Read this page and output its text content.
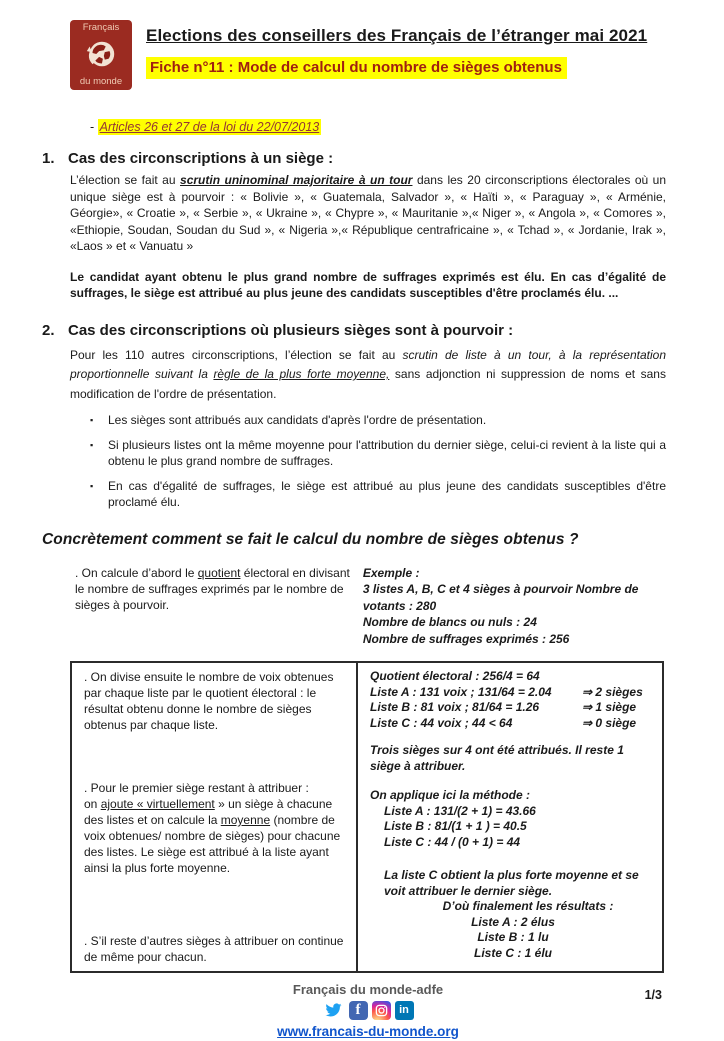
Français
du monde
Elections des conseillers des Français de l’étranger mai 2021
Fiche n°11 : Mode de calcul du nombre de sièges obtenus
- Articles 26 et 27 de la loi du 22/07/2013
1. Cas des circonscriptions à un siège :
L’élection se fait au scrutin uninominal majoritaire à un tour dans les 20 circonscriptions électorales où un unique siège est à pourvoir : « Bolivie », « Guatemala, Salvador », « Haïti », « Paraguay », « Arménie, Géorgie», « Croatie », « Serbie », « Ukraine », « Chypre », « Mauritanie »,« Niger », « Angola », « Comores », «Ethiopie, Soudan, Soudan du Sud », « Nigeria »,« République centrafricaine », « Tchad », « Jordanie, Irak », «Laos » et « Vanuatu »
Le candidat ayant obtenu le plus grand nombre de suffrages exprimés est élu. En cas d’égalité de suffrages, le siège est attribué au plus jeune des candidats susceptibles d'être proclamés élu. ...
2. Cas des circonscriptions où plusieurs sièges sont à pourvoir :
Pour les 110 autres circonscriptions, l’élection se fait au scrutin de liste à un tour, à la représentation proportionnelle suivant la règle de la plus forte moyenne, sans adjonction ni suppression de noms et sans modification de l'ordre de présentation.
▪	Les sièges sont attribués aux candidats d'après l'ordre de présentation.
▪	Si plusieurs listes ont la même moyenne pour l'attribution du dernier siège, celui-ci revient à la liste qui a obtenu le plus grand nombre de suffrages.
▪	En cas d'égalité de suffrages, le siège est attribué au plus jeune des candidats susceptibles d'être proclamé élu.
Concrètement comment se fait le calcul du nombre de sièges obtenus ?
. On calcule d’abord le quotient électoral en divisant le nombre de suffrages exprimés par le nombre de sièges à pourvoir.
Exemple :
3 listes A, B, C et 4 sièges à pourvoir Nombre de votants : 280
Nombre de blancs ou nuls : 24
Nombre de suffrages exprimés : 256
. On divise ensuite le nombre de voix obtenues par chaque liste par le quotient électoral : le résultat obtenu donne le nombre de sièges obtenus par chaque liste.
. Pour le premier siège restant à attribuer :
on ajoute « virtuellement » un siège à chacune des listes et on calcule la moyenne (nombre de voix obtenues/ nombre de sièges) pour chacune des listes. Le siège est attribué à la liste ayant ainsi la plus forte moyenne.
. S’il reste d’autres sièges à attribuer on continue de même pour chacun.
Quotient électoral : 256/4 = 64
Liste A : 131 voix ; 131/64 = 2.04	⇒ 2 sièges
Liste B : 81 voix ; 81/64 = 1.26	⇒ 1 siège
Liste C : 44 voix ; 44 < 64	⇒ 0 siège
Trois sièges sur 4 ont été attribués. Il reste 1 siège à attribuer.
On applique ici la méthode :
Liste A : 131/(2 + 1) = 43.66
Liste B : 81/(1 + 1 ) = 40.5
Liste C : 44 / (0 + 1) = 44
La liste C obtient la plus forte moyenne et se voit attribuer le dernier siège.
D’où finalement les résultats :
Liste A : 2 élus
Liste B : 1 lu
Liste C : 1 élu
Français du monde-adfe
f	in
www.francais-du-monde.org
1/3
